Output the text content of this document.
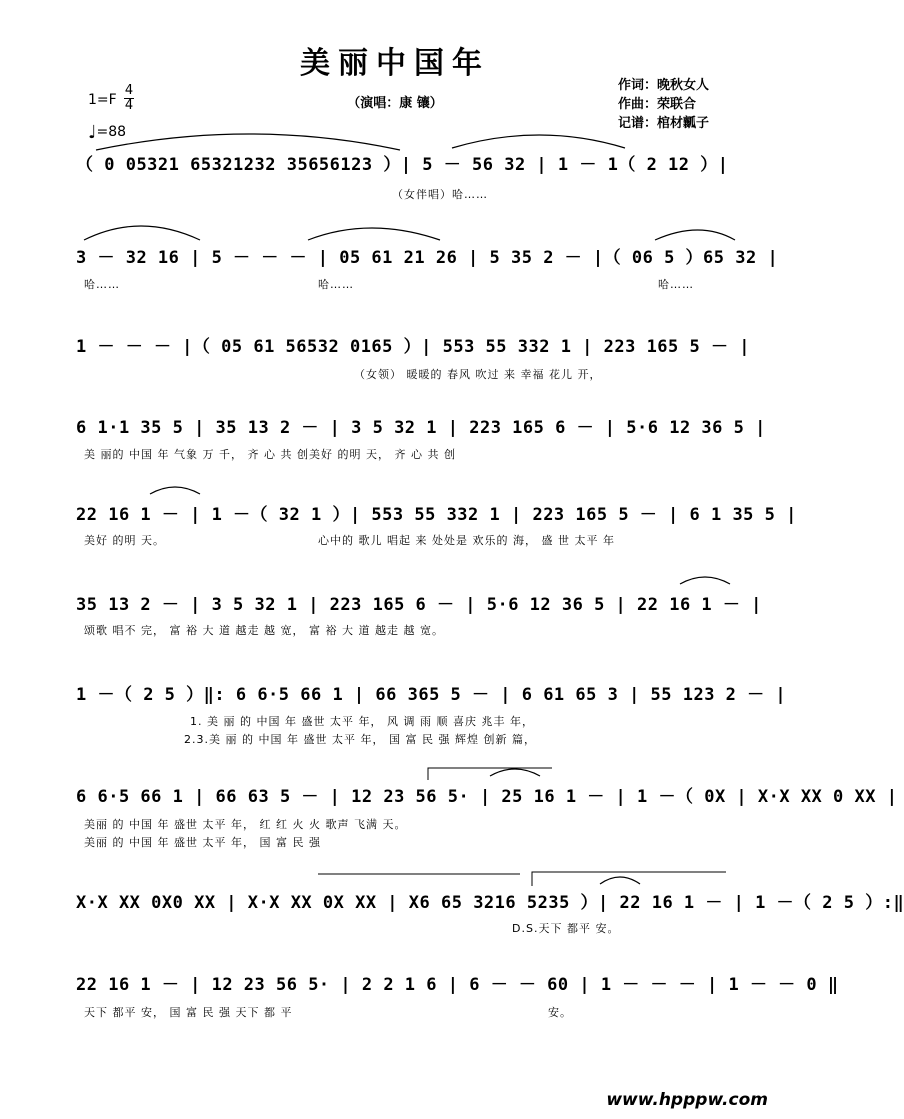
美丽中国年
（演唱：康 镶）
作词：晚秋女人
作曲：荣联合
记谱：棺材瓤子
1=F
4
4
♩=88
（ 0 05321 65321232 35656123 ）| 5 － 56 32 | 1 － 1（ 2 12 ）|
（女伴唱）哈……
3 － 32 16 | 5 － － － | 05 61 21 26 | 5 35 2 － |（ 06 5 ）65 32 |
哈……	哈……	哈……
1 － － － |（ 05 61 56532 0165 ）| 553 55 332 1 | 223 165 5 － |
（女领） 暖暖的 春风 吹过 来 幸福 花儿 开，
6 1·1 35 5 | 35 13 2 － | 3 5 32 1 | 223 165 6 － | 5·6 12 36 5 |
美 丽的 中国 年 气象 万 千， 齐 心 共 创美好 的明 天， 齐 心 共 创
22 16 1 － | 1 －（ 32 1 ）| 553 55 332 1 | 223 165 5 － | 6 1 35 5 |
美好 的明 天。	心中的 歌儿 唱起 来 处处是 欢乐的 海， 盛 世 太平 年
35 13 2 － | 3 5 32 1 | 223 165 6 － | 5·6 12 36 5 | 22 16 1 － |
颂歌 唱不 完， 富 裕 大 道 越走 越 宽， 富 裕 大 道 越走 越 宽。
1 －（ 2 5 ）‖: 6 6·5 66 1 | 66 365 5 － | 6 61 65 3 | 55 123 2 － |
1. 美 丽 的 中国 年 盛世 太平 年， 风 调 雨 顺 喜庆 兆丰 年，
2.3.美 丽 的 中国 年 盛世 太平 年， 国 富 民 强 辉煌 创新 篇，
6 6·5 66 1 | 66 63 5 － | 12 23 56 5· | 25 16 1 － | 1 －（ 0X | X·X XX 0 XX |
美丽 的 中国 年 盛世 太平 年， 红 红 火 火 歌声 飞满 天。
美丽 的 中国 年 盛世 太平 年， 国 富 民 强
X·X XX 0X0 XX | X·X XX 0X XX | X6 65 3216 5235 ）| 22 16 1 － | 1 －（ 2 5 ）:‖
D.S.天下 都平 安。
22 16 1 － | 12 23 56 5· | 2 2 1 6 | 6 － － 60 | 1 － － － | 1 － － 0 ‖
天下 都平 安， 国 富 民 强 天下 都 平	安。
www.hpppw.com
